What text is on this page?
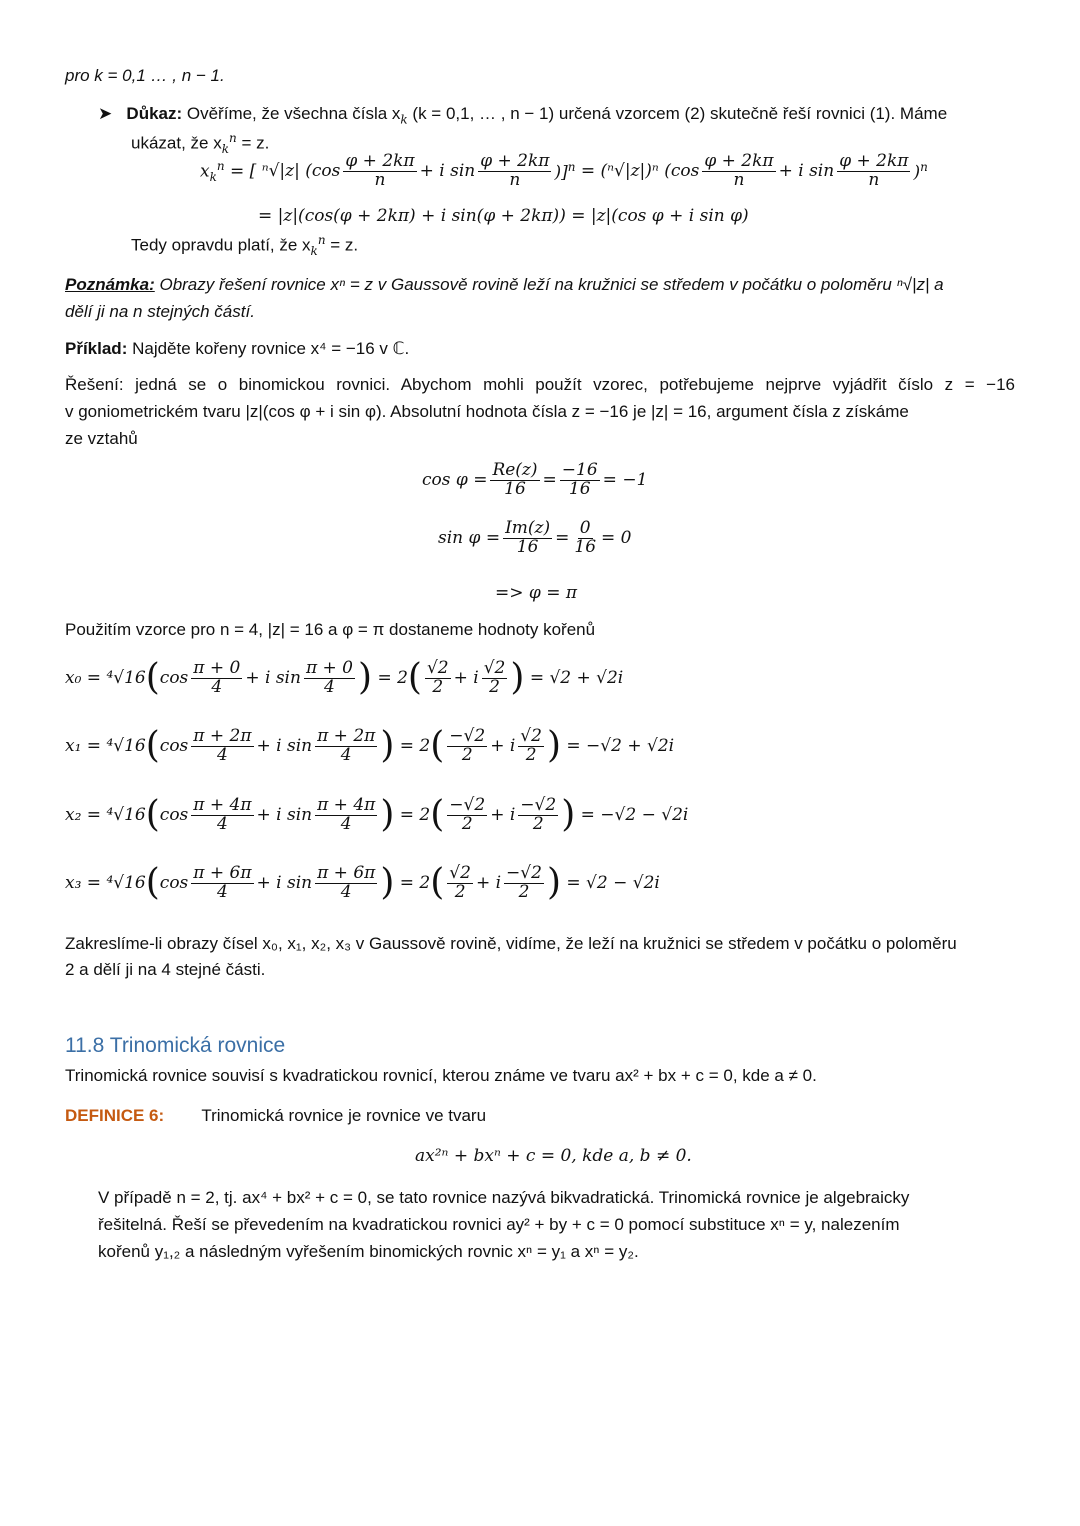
pro k = 0,1 … , n − 1.
➤ Důkaz: Ověříme, že všechna čísla $x_k$ (k = 0,1, … , n − 1) určená vzorcem (2) skutečně řeší rovnici (1). Máme
ukázat, že $x_k^n = z$.
$x_k^n$ = [ ⁿ√|z| ($\cos \frac{\varphi + 2k\pi}{n} + i$ $\sin \frac{\varphi + 2k\pi}{n} )]^n = (^n√|z|)^n$ ($\cos \frac{\varphi + 2k\pi}{n} + i$ $\sin \frac{\varphi + 2k\pi}{n} )^n$
= |z|(cos(φ + 2kπ) + i sin(φ + 2kπ)) = |z|(cos φ + i sin φ)
Tedy opravdu platí, že $x_k^n = z$.
Poznámka: Obrazy řešení rovnice xⁿ = z v Gaussově rovině leží na kružnici se středem v počátku o poloměru ⁿ√|z| a
dělí ji na n stejných částí.
Příklad: Najděte kořeny rovnice x⁴ = −16 v ℂ.
Řešení: jedná se o binomickou rovnici. Abychom mohli použít vzorec, potřebujeme nejprve vyjádřit číslo z = −16
v goniometrickém tvaru |z|(cos φ + i sin φ). Absolutní hodnota čísla z = −16 je |z| = 16, argument čísla z získáme
ze vztahů
$\cos \varphi = \frac{Re(z)}{16} = \frac{-16}{16} = -1$
$\sin \varphi = \frac{Im(z)}{16} = \frac{0}{16} = 0$
=> φ = π
Použitím vzorce pro n = 4, |z| = 16 a φ = π dostaneme hodnoty kořenů
x₀ =
⁴√16 ( $\cos \frac{\pi + 0}{4} + i$ $\sin \frac{\pi + 0}{4}$ )
= 2 ( $\frac{√2}{2} + i \frac{√2}{2}$ )
= √2 + √2i
x₁ =
⁴√16 ( $\cos \frac{\pi + 2\pi}{4} + i$ $\sin \frac{\pi + 2\pi}{4}$ )
= 2 ( $\frac{-√2}{2} + i \frac{√2}{2}$ )
= −√2 + √2i
x₂ =
⁴√16 ( $\cos \frac{\pi + 4\pi}{4} + i$ $\sin \frac{\pi + 4\pi}{4}$ )
= 2 ( $\frac{-√2}{2} + i \frac{-√2}{2}$ )
= −√2 − √2i
x₃ =
⁴√16 ( $\cos \frac{\pi + 6\pi}{4} + i$ $\sin \frac{\pi + 6\pi}{4}$ )
= 2 ( $\frac{√2}{2} + i \frac{-√2}{2}$ )
= √2 − √2i
Zakreslíme-li obrazy čísel x₀, x₁, x₂, x₃ v Gaussově rovině, vidíme, že leží na kružnici se středem v počátku o poloměru
2 a dělí ji na 4 stejné části.
11.8 Trinomická rovnice
Trinomická rovnice souvisí s kvadratickou rovnicí, kterou známe ve tvaru ax² + bx + c = 0, kde a ≠ 0.
DEFINICE 6: Trinomická rovnice je rovnice ve tvaru
ax²ⁿ + bxⁿ + c = 0, kde a, b ≠ 0.
V případě n = 2, tj. ax⁴ + bx² + c = 0, se tato rovnice nazývá bikvadratická. Trinomická rovnice je algebraicky
řešitelná. Řeší se převedením na kvadratickou rovnici ay² + by + c = 0 pomocí substituce xⁿ = y, nalezením
kořenů y₁,₂ a následným vyřešením binomických rovnic xⁿ = y₁ a xⁿ = y₂.
